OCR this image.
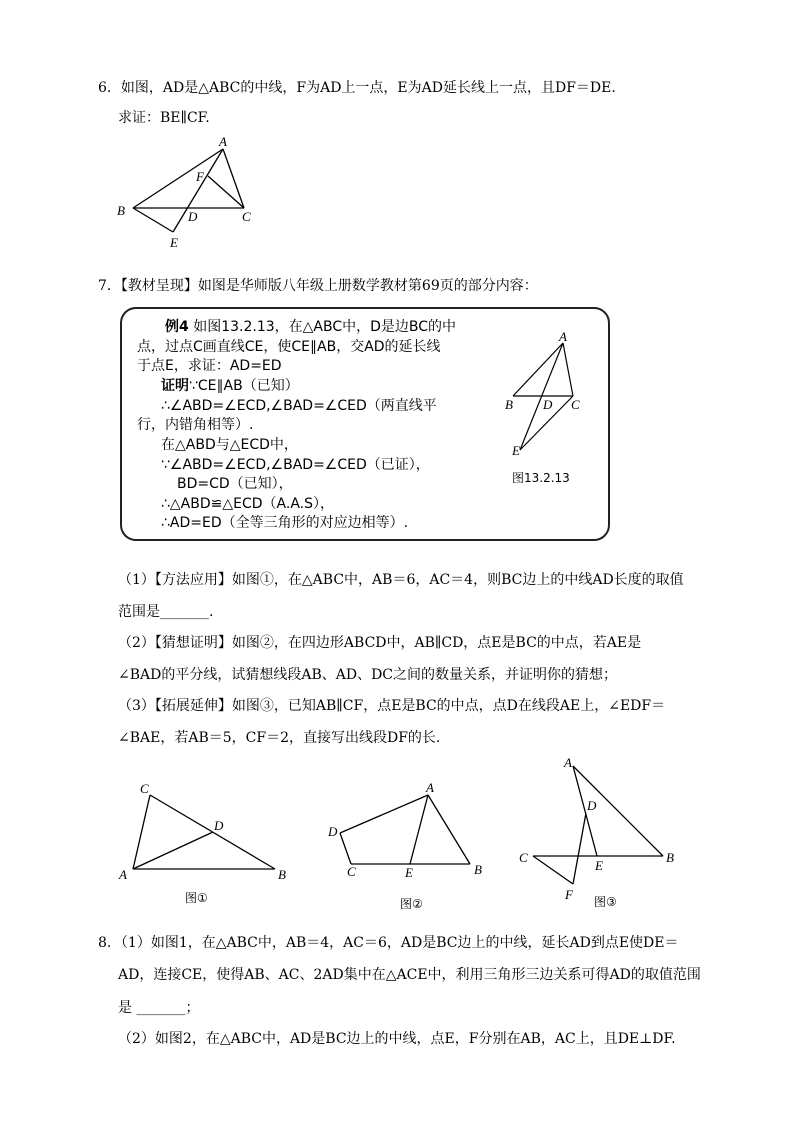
6．如图，AD是△ABC的中线，F为AD上一点，E为AD延长线上一点，且DF＝DE.
求证：BE∥CF.
A
B	C
D
E
F
7．【教材呈现】如图是华师版八年级上册数学教材第69页的部分内容：
例4 如图13.2.13，在△ABC中，D是边BC的中
点，过点C画直线CE，使CE∥AB，交AD的延长线
于点E，求证：AD=ED
证明∵CE∥AB（已知）
∴∠ABD=∠ECD,∠BAD=∠CED（两直线平
行，内错角相等）.
在△ABD与△ECD中，
∵∠ABD=∠ECD,∠BAD=∠CED（已证），
BD=CD（已知），
∴△ABD≌△ECD（A.A.S），
∴AD=ED（全等三角形的对应边相等）.
A
B	C
D
E
图13.2.13
（1）【方法应用】如图①，在△ABC中，AB＝6，AC＝4，则BC边上的中线AD长度的取值
范围是_______.
（2）【猜想证明】如图②，在四边形ABCD中，AB∥CD，点E是BC的中点，若AE是
∠BAD的平分线，试猜想线段AB、AD、DC之间的数量关系，并证明你的猜想；
（3）【拓展延伸】如图③，已知AB∥CF，点E是BC的中点，点D在线段AE上，∠EDF＝
∠BAE，若AB＝5，CF＝2，直接写出线段DF的长.
C
D
A	B
图①
A
D
C	E	B
图②
A
D
C
E
B
F 图③
8．（1）如图1，在△ABC中，AB＝4，AC＝6，AD是BC边上的中线，延长AD到点E使DE＝
AD，连接CE，使得AB、AC、2AD集中在△ACE中，利用三角形三边关系可得AD的取值范围
是 _______；
（2）如图2，在△ABC中，AD是BC边上的中线，点E，F分别在AB，AC上，且DE⊥DF.
